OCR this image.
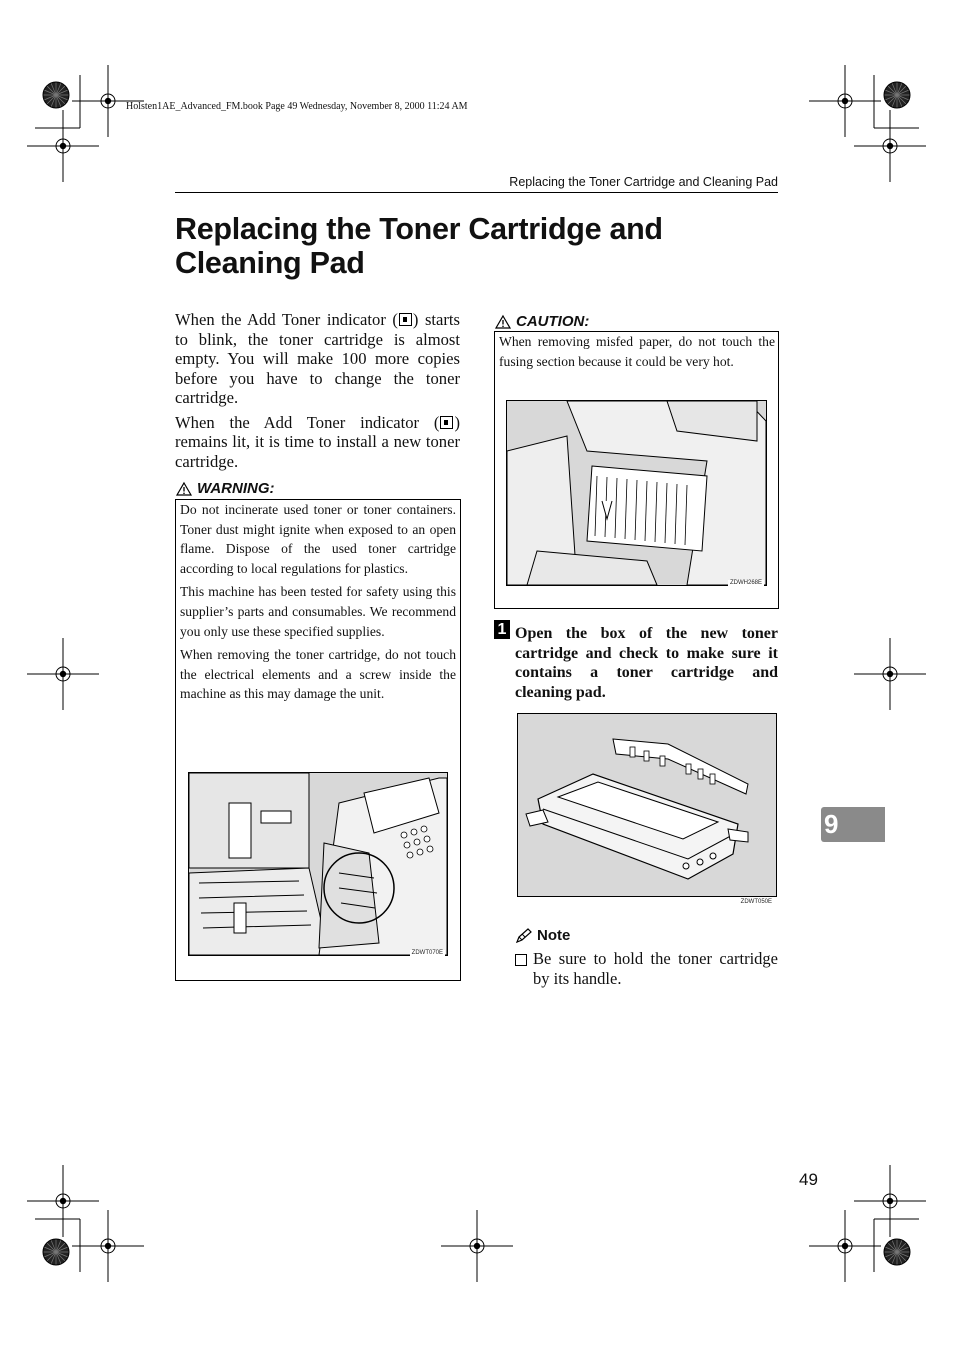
Holsten1AE_Advanced_FM.book Page 49 Wednesday, November 8, 2000 11:24 AM
Replacing the Toner Cartridge and Cleaning Pad
Replacing the Toner Cartridge and Cleaning Pad

When the Add Toner indicator ( ) starts to blink, the toner cartridge is almost empty. You will make 100 more copies before you have to change the toner cartridge.

When the Add Toner indicator ( ) remains lit, it is time to install a new toner cartridge.

WARNING:

Do not incinerate used toner or toner containers. Toner dust might ignite when exposed to an open flame. Dispose of the used toner cartridge according to local regulations for plastics.

This machine has been tested for safety using this supplier’s parts and consumables. We recommend you only use these specified supplies.

When removing the toner cartridge, do not touch the electrical elements and a screw inside the machine as this may damage the unit.

ZDWT070E
CAUTION:
When removing misfed paper, do not touch the fusing section because it could be very hot.
ZDWH268E
1 Open the box of the new toner cartridge and check to make sure it contains a toner cartridge and cleaning pad.
ZDWT050E
Note
Be sure to hold the toner cartridge by its handle.
9
49
